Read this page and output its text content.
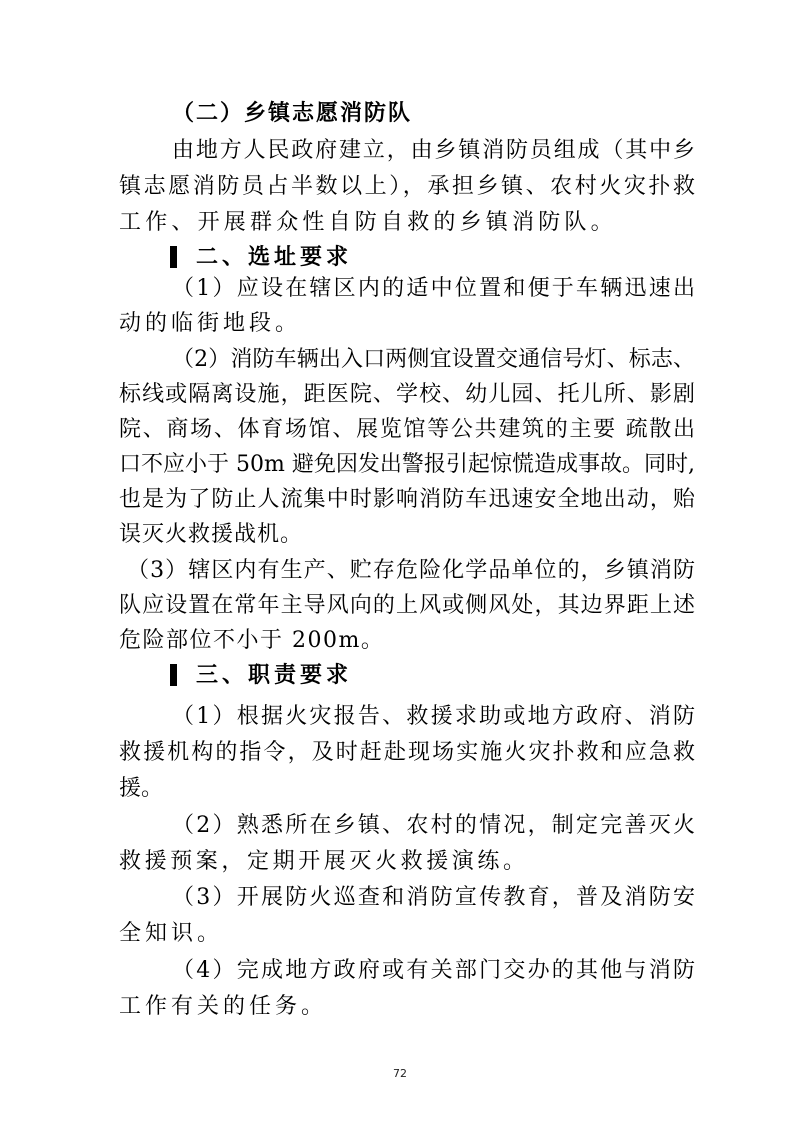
（二）乡镇志愿消防队
由地方人民政府建立，由乡镇消防员组成（其中乡
镇志愿消防员占半数以上），承担乡镇、农村火灾扑救
工作、开展群众性自防自救的乡镇消防队。
二、选址要求
（1）应设在辖区内的适中位置和便于车辆迅速出
动的临街地段。
（2）消防车辆出入口两侧宜设置交通信号灯、标志、
标线或隔离设施，距医院、学校、幼儿园、托儿所、影剧
院、商场、体育场馆、展览馆等公共建筑的主要 疏散出
口不应小于 50m 避免因发出警报引起惊慌造成事故。同时,
也是为了防止人流集中时影响消防车迅速安全地出动，贻
误灭火救援战机。
（3）辖区内有生产、贮存危险化学品单位的，乡镇消防
队应设置在常年主导风向的上风或侧风处，其边界距上述
危险部位不小于 200m。
三、职责要求
（1）根据火灾报告、救援求助或地方政府、消防
救援机构的指令，及时赶赴现场实施火灾扑救和应急救
援。
（2）熟悉所在乡镇、农村的情况，制定完善灭火
救援预案，定期开展灭火救援演练。
（3）开展防火巡查和消防宣传教育，普及消防安
全知识。
（4）完成地方政府或有关部门交办的其他与消防
工作有关的任务。
72
